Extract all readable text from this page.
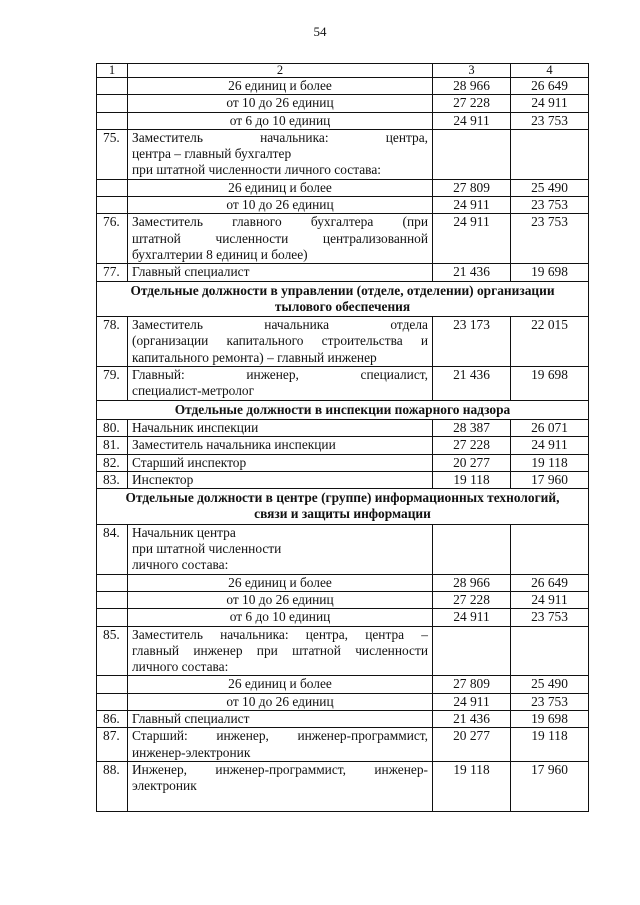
54
1	2	3	4
	26 единиц и более	28 966	26 649
	от 10 до 26 единиц	27 228	24 911
	от 6 до 10 единиц	24 911	23 753
75.	Заместитель начальника: центра,
центра – главный бухгалтер
при штатной численности личного состава:		

	26 единиц и более	27 809	25 490
	от 10 до 26 единиц	24 911	23 753
76.	Заместитель главного бухгалтера (при
штатной численности централизованной
бухгалтерии 8 единиц и более)	24 911	23 753
77.	Главный специалист	21 436	19 698

Отдельные должности в управлении (отделе, отделении) организации
тылового обеспечения			

78.	Заместитель начальника отдела
(организации капитального строительства и
капитального ремонта) – главный инженер	23 173	22 015
79.	Главный: инженер, специалист,
специалист-метролог	21 436	19 698

Отдельные должности в инспекции пожарного надзора			

80.	Начальник инспекции	28 387	26 071
81.	Заместитель начальника инспекции	27 228	24 911
82.	Старший инспектор	20 277	19 118
83.	Инспектор	19 118	17 960

Отдельные должности в центре (группе) информационных технологий,
связи и защиты информации			

84.	Начальник центра
при штатной численности
личного состава:		

	26 единиц и более	28 966	26 649
	от 10 до 26 единиц	27 228	24 911
	от 6 до 10 единиц	24 911	23 753
85.	Заместитель начальника: центра, центра –
главный инженер при штатной численности
личного состава:		

	26 единиц и более	27 809	25 490
	от 10 до 26 единиц	24 911	23 753
86.	Главный специалист	21 436	19 698
87.	Старший: инженер, инженер-программист,
инженер-электроник	20 277	19 118
88.	Инженер, инженер-программист, инженер-
электроник	19 118	17 960
